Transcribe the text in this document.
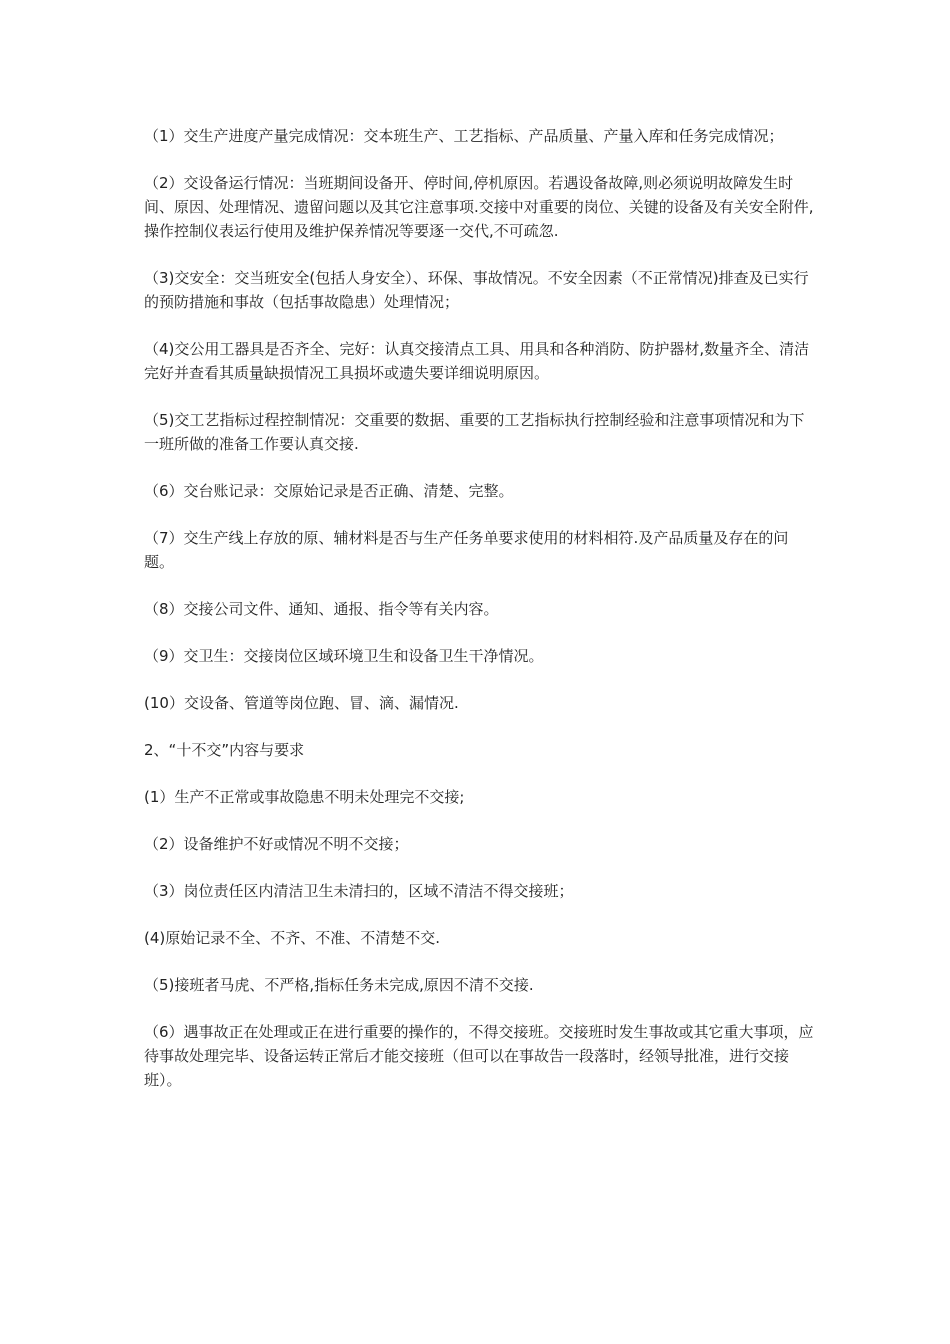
（1）交生产进度产量完成情况：交本班生产、工艺指标、产品质量、产量入库和任务完成情况；

（2）交设备运行情况：当班期间设备开、停时间,停机原因。若遇设备故障,则必须说明故障发生时间、原因、处理情况、遗留问题以及其它注意事项.交接中对重要的岗位、关键的设备及有关安全附件,操作控制仪表运行使用及维护保养情况等要逐一交代,不可疏忽.

（3)交安全：交当班安全(包括人身安全）、环保、事故情况。不安全因素（不正常情况)排查及已实行的预防措施和事故（包括事故隐患）处理情况；

（4)交公用工器具是否齐全、完好：认真交接清点工具、用具和各种消防、防护器材,数量齐全、清洁完好并查看其质量缺损情况工具损坏或遗失要详细说明原因。

（5)交工艺指标过程控制情况：交重要的数据、重要的工艺指标执行控制经验和注意事项情况和为下一班所做的准备工作要认真交接.

（6）交台账记录：交原始记录是否正确、清楚、完整。

（7）交生产线上存放的原、辅材料是否与生产任务单要求使用的材料相符.及产品质量及存在的问题。

（8）交接公司文件、通知、通报、指令等有关内容。

（9）交卫生：交接岗位区域环境卫生和设备卫生干净情况。

(10）交设备、管道等岗位跑、冒、滴、漏情况.

2、“十不交”内容与要求

(1）生产不正常或事故隐患不明未处理完不交接;

（2）设备维护不好或情况不明不交接；

（3）岗位责任区内清洁卫生未清扫的，区域不清洁不得交接班；

(4)原始记录不全、不齐、不准、不清楚不交.

（5)接班者马虎、不严格,指标任务未完成,原因不清不交接.

（6）遇事故正在处理或正在进行重要的操作的，不得交接班。交接班时发生事故或其它重大事项，应待事故处理完毕、设备运转正常后才能交接班（但可以在事故告一段落时，经领导批准，进行交接班）。
